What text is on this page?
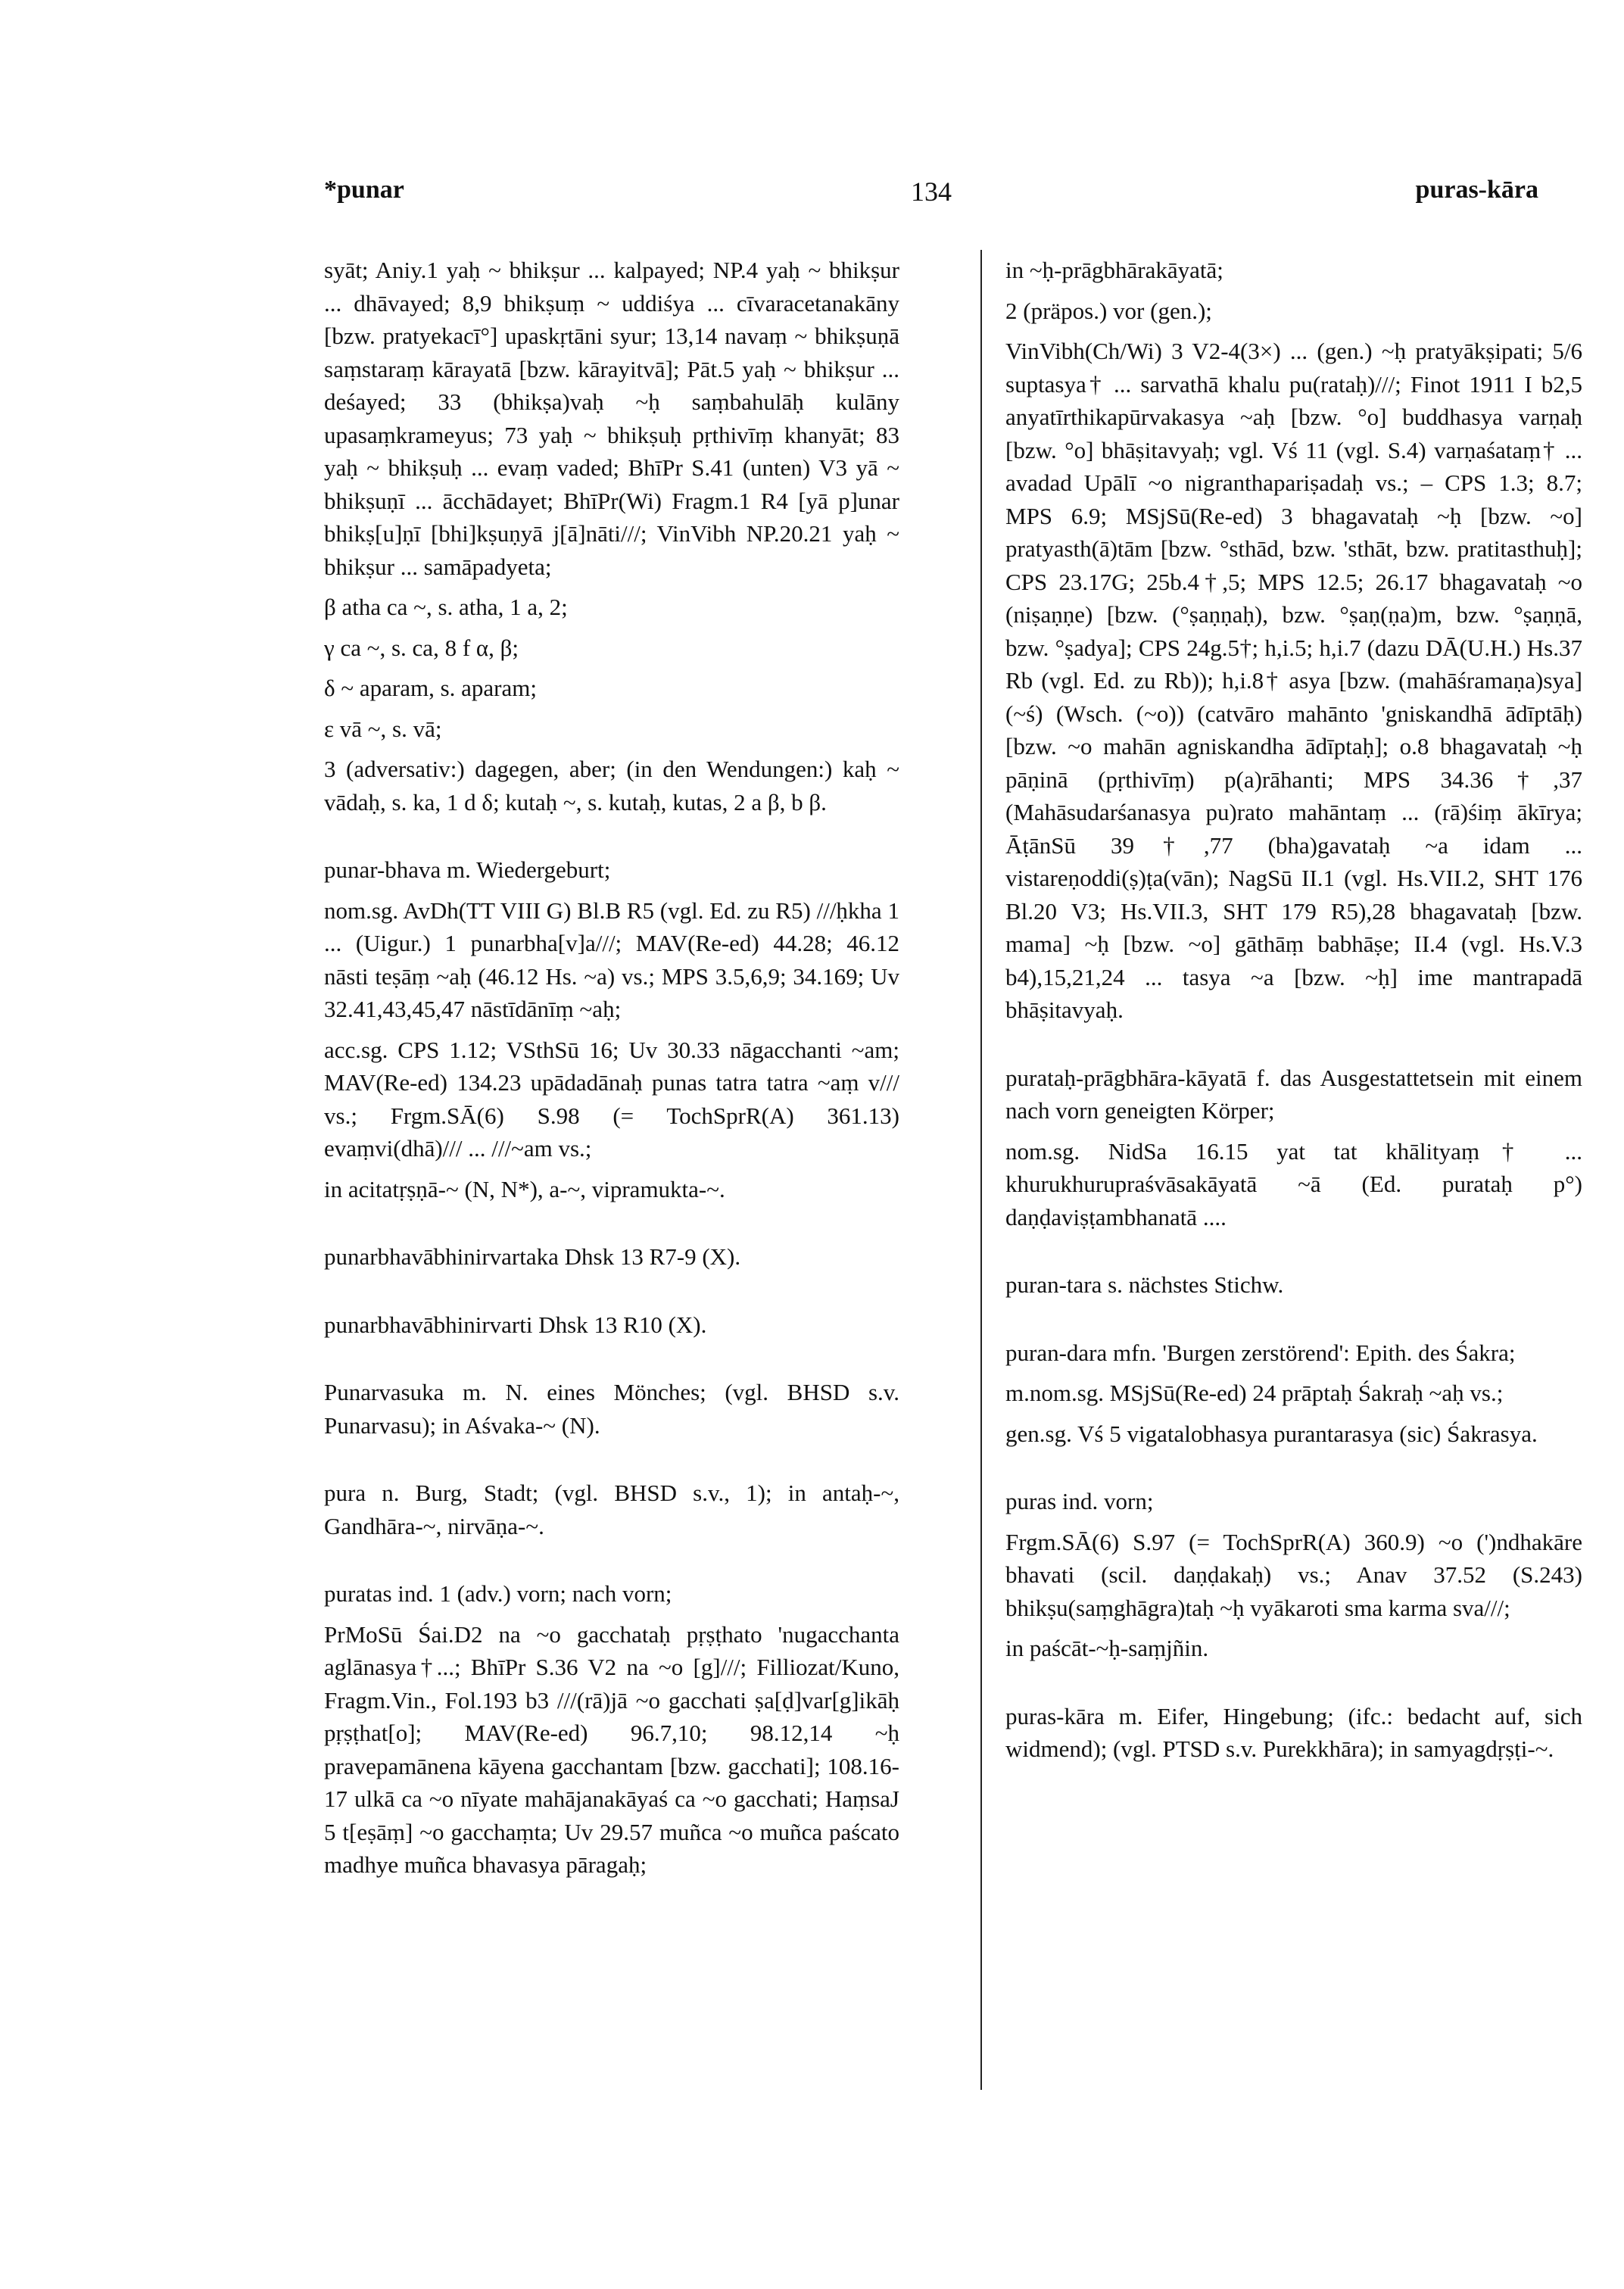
*punar	134	puras-kāra

syāt; Aniy.1 yaḥ ~ bhikṣur ... kalpayed; NP.4 yaḥ ~ bhikṣur ... dhāvayed; 8,9 bhikṣuṃ ~ uddiśya ... cīvaracetanakāny [bzw. pratyekacī°] upaskṛtāni syur; 13,14 navaṃ ~ bhikṣuṇā saṃstaraṃ kārayatā [bzw. kārayitvā]; Pāt.5 yaḥ ~ bhikṣur ... deśayed; 33 (bhikṣa)vaḥ ~ḥ saṃbahulāḥ kulāny upasaṃkrameyus; 73 yaḥ ~ bhikṣuḥ pṛthivīṃ khanyāt; 83 yaḥ ~ bhikṣuḥ ... evaṃ vaded; BhīPr S.41 (unten) V3 yā ~ bhikṣuṇī ... ācchādayet; BhīPr(Wi) Fragm.1 R4 [yā p]unar bhikṣ[u]ṇī [bhi]kṣuṇyā j[ā]nāti///; VinVibh NP.20.21 yaḥ ~ bhikṣur ... samāpadyeta;

β atha ca ~, s. atha, 1 a, 2;

γ ca ~, s. ca, 8 f α, β;

δ ~ aparam, s. aparam;

ε vā ~, s. vā;

3 (adversativ:) dagegen, aber; (in den Wendungen:) kaḥ ~ vādaḥ, s. ka, 1 d δ; kutaḥ ~, s. kutaḥ, kutas, 2 a β, b β.

punar-bhava m. Wiedergeburt;

nom.sg. AvDh(TT VIII G) Bl.B R5 (vgl. Ed. zu R5) ///ḥkha 1 ... (Uigur.) 1 punarbha[v]a///; MAV(Re-ed) 44.28; 46.12 nāsti teṣāṃ ~aḥ (46.12 Hs. ~a) vs.; MPS 3.5,6,9; 34.169; Uv 32.41,43,45,47 nāstīdānīṃ ~aḥ;

acc.sg. CPS 1.12; VSthSū 16; Uv 30.33 nāgacchanti ~am; MAV(Re-ed) 134.23 upādadānaḥ punas tatra tatra ~aṃ v/// vs.; Frgm.SĀ(6) S.98 (= TochSprR(A) 361.13) evaṃvi(dhā)/// ... ///~am vs.;

in acitatṛṣṇā-~ (N, N*), a-~, vipramukta-~.

punarbhavābhinirvartaka Dhsk 13 R7-9 (X).

punarbhavābhinirvarti Dhsk 13 R10 (X).

Punarvasuka m. N. eines Mönches; (vgl. BHSD s.v. Punarvasu); in Aśvaka-~ (N).

pura n. Burg, Stadt; (vgl. BHSD s.v., 1); in antaḥ-~, Gandhāra-~, nirvāṇa-~.

puratas ind. 1 (adv.) vorn; nach vorn;

PrMoSū Śai.D2 na ~o gacchataḥ pṛṣṭhato 'nugacchanta aglānasya†...; BhīPr S.36 V2 na ~o [g]///; Filliozat/Kuno, Fragm.Vin., Fol.193 b3 ///(rā)jā ~o gacchati ṣa[ḍ]var[g]ikāḥ pṛṣṭhat[o]; MAV(Re-ed) 96.7,10; 98.12,14 ~ḥ pravepamānena kāyena gacchantam [bzw. gacchati]; 108.16-17 ulkā ca ~o nīyate mahājanakāyaś ca ~o gacchati; HaṃsaJ 5 t[eṣāṃ] ~o gacchaṃta; Uv 29.57 muñca ~o muñca paścato madhye muñca bhavasya pāragaḥ;

in ~ḥ-prāgbhārakāyatā;

2 (präpos.) vor (gen.);

VinVibh(Ch/Wi) 3 V2-4(3×) ... (gen.) ~ḥ pratyākṣipati; 5/6 suptasya† ... sarvathā khalu pu(rataḥ)///; Finot 1911 I b2,5 anyatīrthikapūrvakasya ~aḥ [bzw. °o] buddhasya varṇaḥ [bzw. °o] bhāṣitavyaḥ; vgl. Vś 11 (vgl. S.4) varṇaśataṃ† ... avadad Upālī ~o nigranthapariṣadaḥ vs.; – CPS 1.3; 8.7; MPS 6.9; MSjSū(Re-ed) 3 bhagavataḥ ~ḥ [bzw. ~o] pratyasth(ā)tām [bzw. °sthād, bzw. 'sthāt, bzw. pratitasthuḥ]; CPS 23.17G; 25b.4†,5; MPS 12.5; 26.17 bhagavataḥ ~o (niṣaṇṇe) [bzw. (°ṣaṇṇaḥ), bzw. °ṣaṇ(ṇa)m, bzw. °ṣaṇṇā, bzw. °ṣadya]; CPS 24g.5†; h,i.5; h,i.7 (dazu DĀ(U.H.) Hs.37 Rb (vgl. Ed. zu Rb)); h,i.8† asya [bzw. (mahāśramaṇa)sya] (~ś) (Wsch. (~o)) (catvāro mahānto 'gniskandhā ādīptāḥ) [bzw. ~o mahān agniskandha ādīptaḥ]; o.8 bhagavataḥ ~ḥ pāṇinā (pṛthivīṃ) p(a)rāhanti; MPS 34.36†,37 (Mahāsudarśanasya pu)rato mahāntaṃ ... (rā)śiṃ ākīrya; ĀṭānSū 39†,77 (bha)gavataḥ ~a idam ... vistareṇoddi(ṣ)ṭa(vān); NagSū II.1 (vgl. Hs.VII.2, SHT 176 Bl.20 V3; Hs.VII.3, SHT 179 R5),28 bhagavataḥ [bzw. mama] ~ḥ [bzw. ~o] gāthāṃ babhāṣe; II.4 (vgl. Hs.V.3 b4),15,21,24 ... tasya ~a [bzw. ~ḥ] ime mantrapadā bhāṣitavyaḥ.

purataḥ-prāgbhāra-kāyatā f. das Ausgestattetsein mit einem nach vorn geneigten Körper;

nom.sg. NidSa 16.15 yat tat khālityaṃ† ... khurukhurupraśvāsakāyatā ~ā (Ed. purataḥ p°) daṇḍaviṣṭambhanatā ....

puran-tara s. nächstes Stichw.

puran-dara mfn. 'Burgen zerstörend': Epith. des Śakra;

m.nom.sg. MSjSū(Re-ed) 24 prāptaḥ Śakraḥ ~aḥ vs.;

gen.sg. Vś 5 vigatalobhasya purantarasya (sic) Śakrasya.

puras ind. vorn;

Frgm.SĀ(6) S.97 (= TochSprR(A) 360.9) ~o (')ndhakāre bhavati (scil. daṇḍakaḥ) vs.; Anav 37.52 (S.243) bhikṣu(saṃghāgra)taḥ ~ḥ vyākaroti sma karma sva///;

in paścāt-~ḥ-saṃjñin.

puras-kāra m. Eifer, Hingebung; (ifc.: bedacht auf, sich widmend); (vgl. PTSD s.v. Purekkhāra); in samyagdṛṣṭi-~.
